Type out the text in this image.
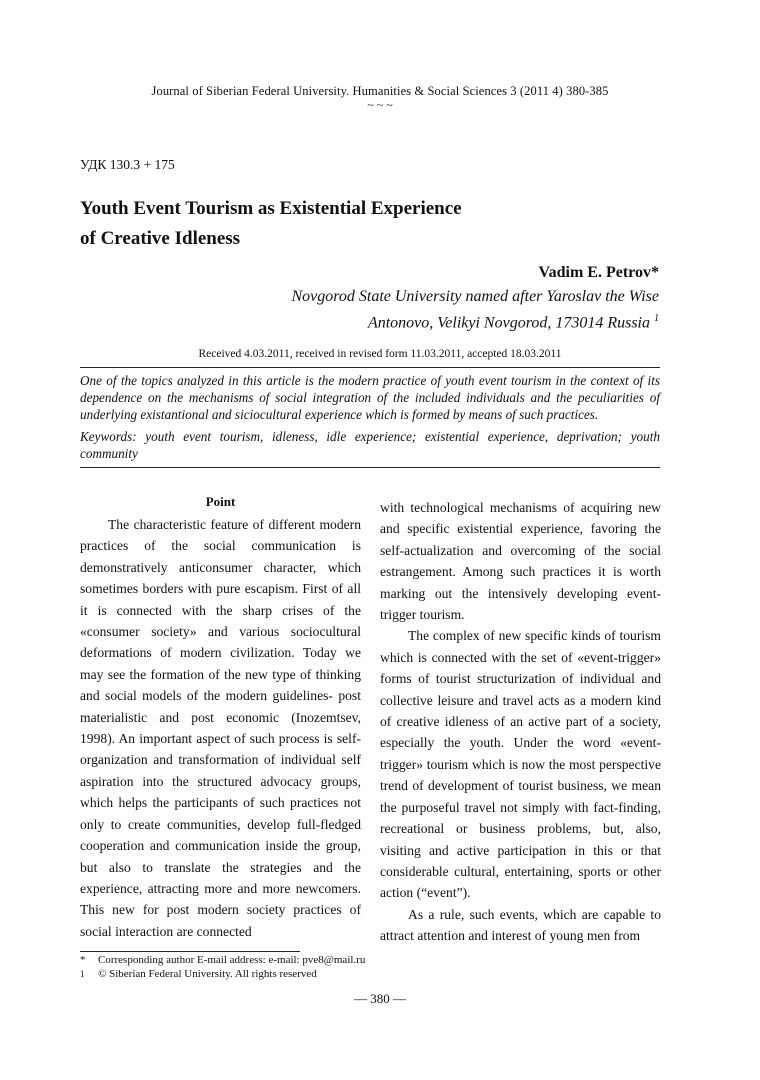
Journal of Siberian Federal University. Humanities & Social Sciences 3 (2011 4) 380-385
~ ~ ~
УДК 130.3 + 175
Youth Event Tourism as Existential Experience
of Creative Idleness
Vadim E. Petrov*
Novgorod State University named after Yaroslav the Wise
Antonovo, Velikyi Novgorod, 173014 Russia $^1$
Received 4.03.2011, received in revised form 11.03.2011, accepted 18.03.2011

One of the topics analyzed in this article is the modern practice of youth event tourism in the context of its dependence on the mechanisms of social integration of the included individuals and the peculiarities of underlying existantional and siciocultural experience which is formed by means of such practices.

Keywords: youth event tourism, idleness, idle experience; existential experience, deprivation; youth community

Point

The characteristic feature of different modern practices of the social communication is demonstratively anticonsumer character, which sometimes borders with pure escapism. First of all it is connected with the sharp crises of the «consumer society» and various sociocultural deformations of modern civilization. Today we may see the formation of the new type of thinking and social models of the modern guidelines- post materialistic and post economic (Inozemtsev, 1998). An important aspect of such process is self-organization and transformation of individual self aspiration into the structured advocacy groups, which helps the participants of such practices not only to create communities, develop full-fledged cooperation and communication inside the group, but also to translate the strategies and the experience, attracting more and more newcomers. This new for post modern society practices of social interaction are connected

with technological mechanisms of acquiring new and specific existential experience, favoring the self-actualization and overcoming of the social estrangement. Among such practices it is worth marking out the intensively developing event-trigger tourism.

The complex of new specific kinds of tourism which is connected with the set of «event-trigger» forms of tourist structurization of individual and collective leisure and travel acts as a modern kind of creative idleness of an active part of a society, especially the youth. Under the word «event-trigger» tourism which is now the most perspective trend of development of tourist business, we mean the purposeful travel not simply with fact-finding, recreational or business problems, but, also, visiting and active participation in this or that considerable cultural, entertaining, sports or other action (“event”).

As a rule, such events, which are capable to attract attention and interest of young men from

* Corresponding author E-mail address: e-mail: pve8@mail.ru
1 © Siberian Federal University. All rights reserved
— 380 —
